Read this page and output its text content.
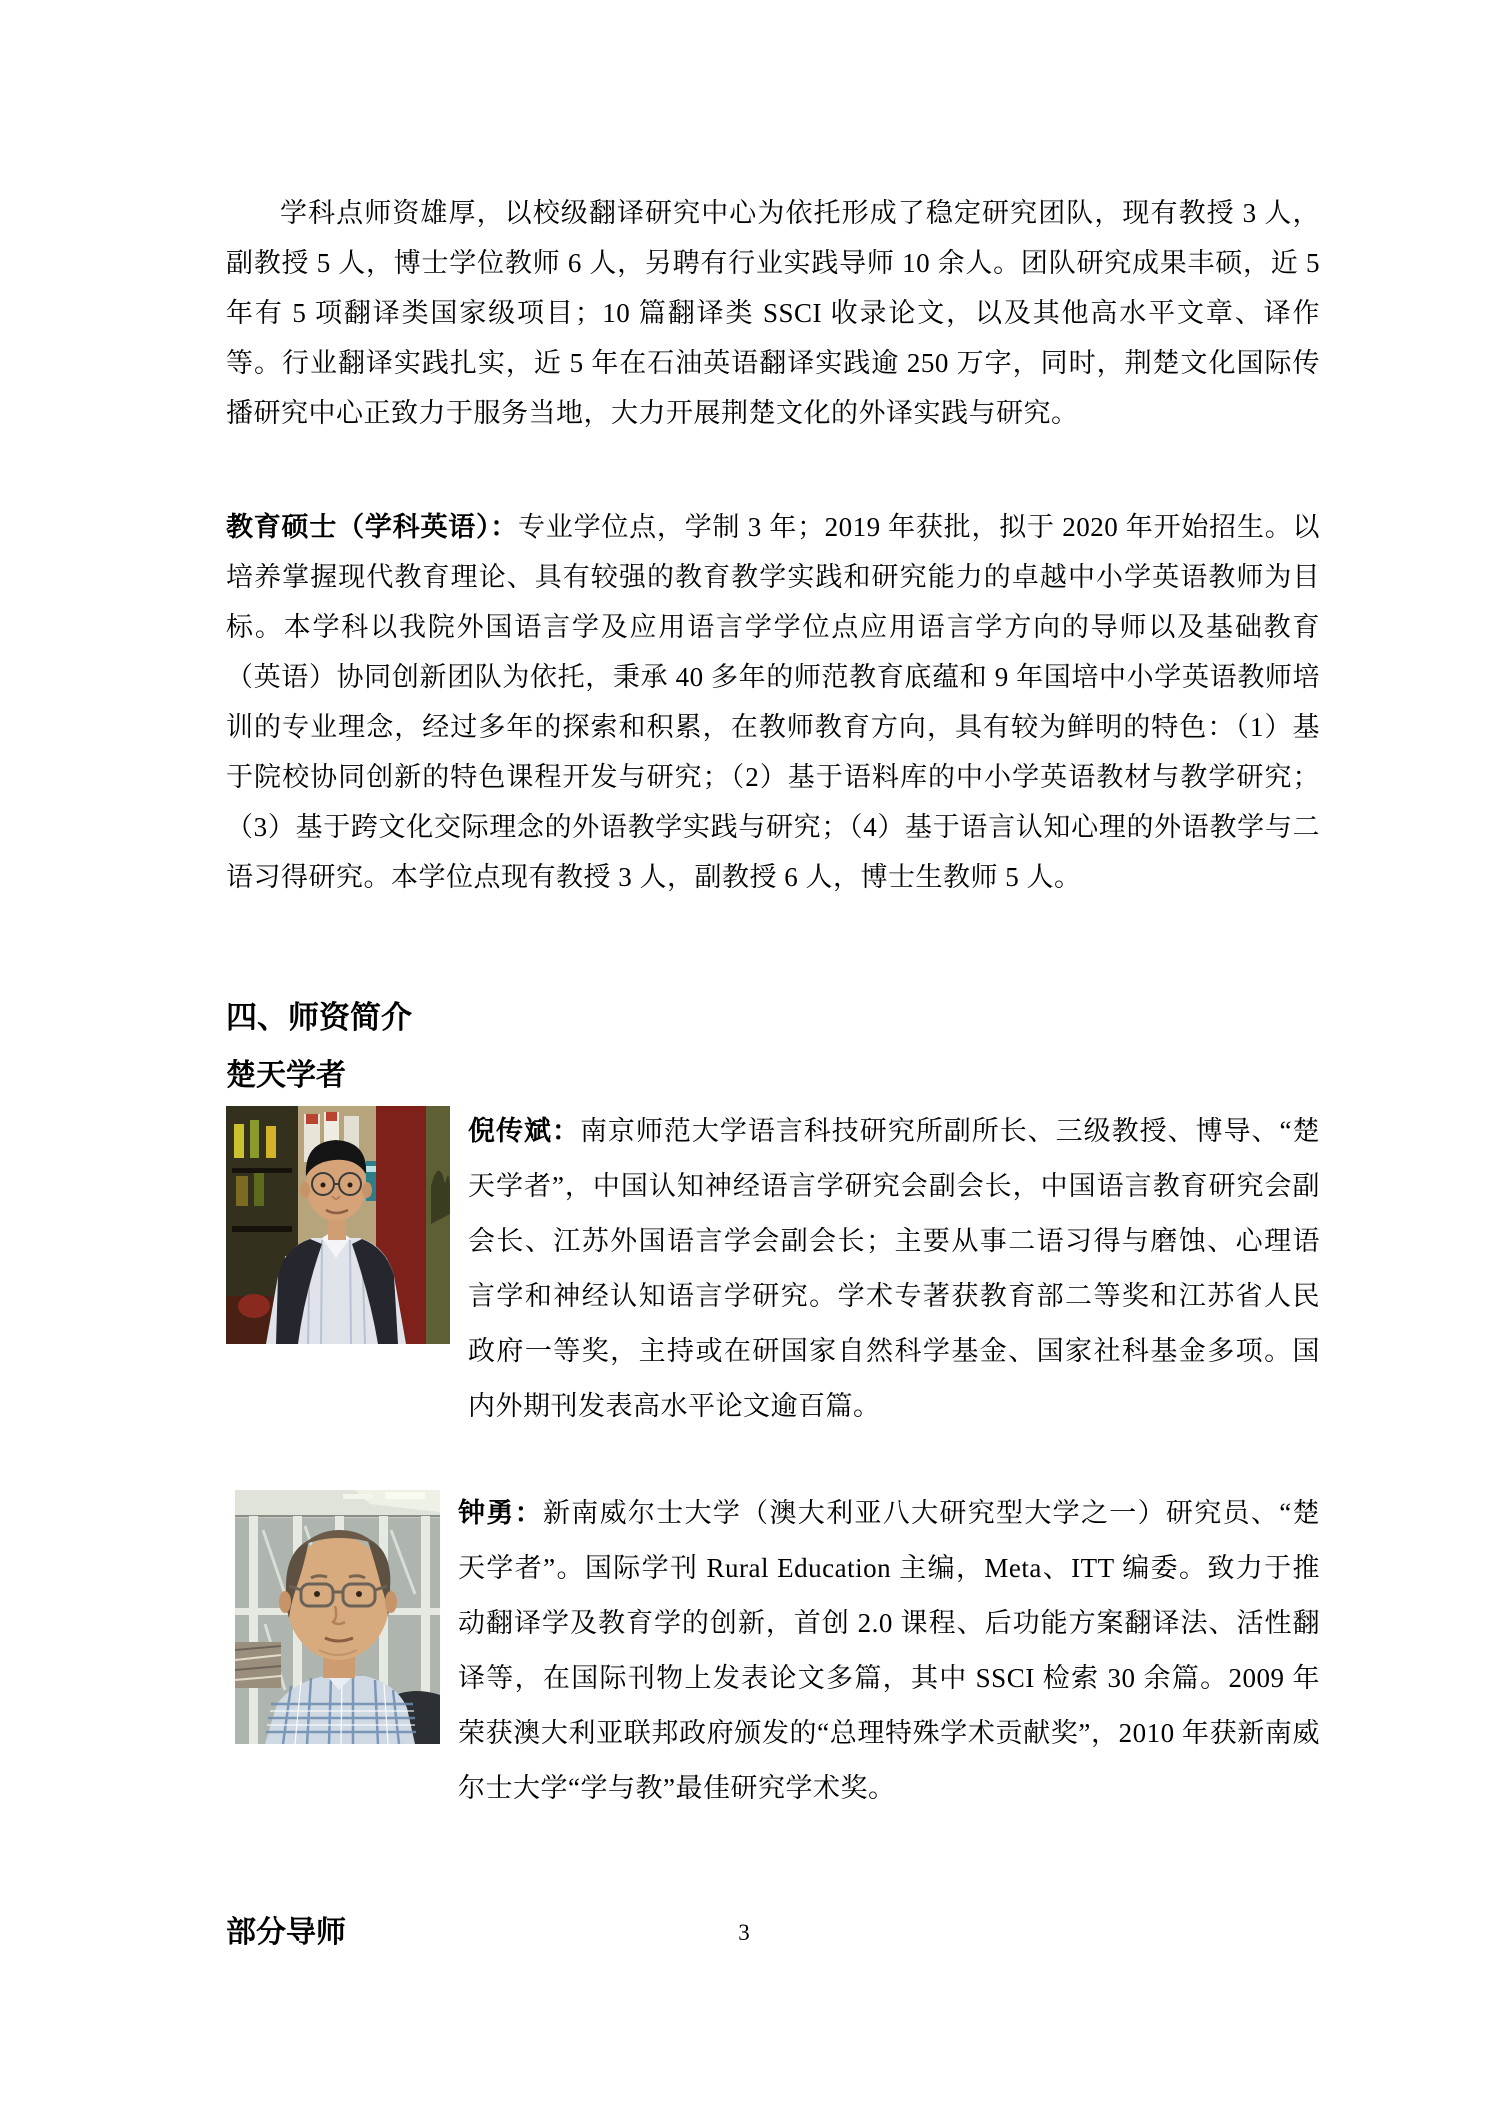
学科点师资雄厚，以校级翻译研究中心为依托形成了稳定研究团队，现有教授 3 人，副教授 5 人，博士学位教师 6 人，另聘有行业实践导师 10 余人。团队研究成果丰硕，近 5 年有 5 项翻译类国家级项目；10 篇翻译类 SSCI 收录论文，以及其他高水平文章、译作等。行业翻译实践扎实，近 5 年在石油英语翻译实践逾 250 万字，同时，荆楚文化国际传播研究中心正致力于服务当地，大力开展荆楚文化的外译实践与研究。

教育硕士（学科英语）：专业学位点，学制 3 年；2019 年获批，拟于 2020 年开始招生。以培养掌握现代教育理论、具有较强的教育教学实践和研究能力的卓越中小学英语教师为目标。本学科以我院外国语言学及应用语言学学位点应用语言学方向的导师以及基础教育（英语）协同创新团队为依托，秉承 40 多年的师范教育底蕴和 9 年国培中小学英语教师培训的专业理念，经过多年的探索和积累，在教师教育方向，具有较为鲜明的特色：（1）基于院校协同创新的特色课程开发与研究；（2）基于语料库的中小学英语教材与教学研究；（3）基于跨文化交际理念的外语教学实践与研究；（4）基于语言认知心理的外语教学与二语习得研究。本学位点现有教授 3 人，副教授 6 人，博士生教师 5 人。

四、师资简介
楚天学者

倪传斌：南京师范大学语言科技研究所副所长、三级教授、博导、“楚天学者”，中国认知神经语言学研究会副会长，中国语言教育研究会副会长、江苏外国语言学会副会长；主要从事二语习得与磨蚀、心理语言学和神经认知语言学研究。学术专著获教育部二等奖和江苏省人民政府一等奖，主持或在研国家自然科学基金、国家社科基金多项。国内外期刊发表高水平论文逾百篇。

钟勇：新南威尔士大学（澳大利亚八大研究型大学之一）研究员、“楚天学者”。国际学刊 Rural Education 主编，Meta、ITT 编委。致力于推动翻译学及教育学的创新，首创 2.0 课程、后功能方案翻译法、活性翻译等，在国际刊物上发表论文多篇，其中 SSCI 检索 30 余篇。2009 年荣获澳大利亚联邦政府颁发的“总理特殊学术贡献奖”，2010 年获新南威尔士大学“学与教”最佳研究学术奖。

部分导师	3
